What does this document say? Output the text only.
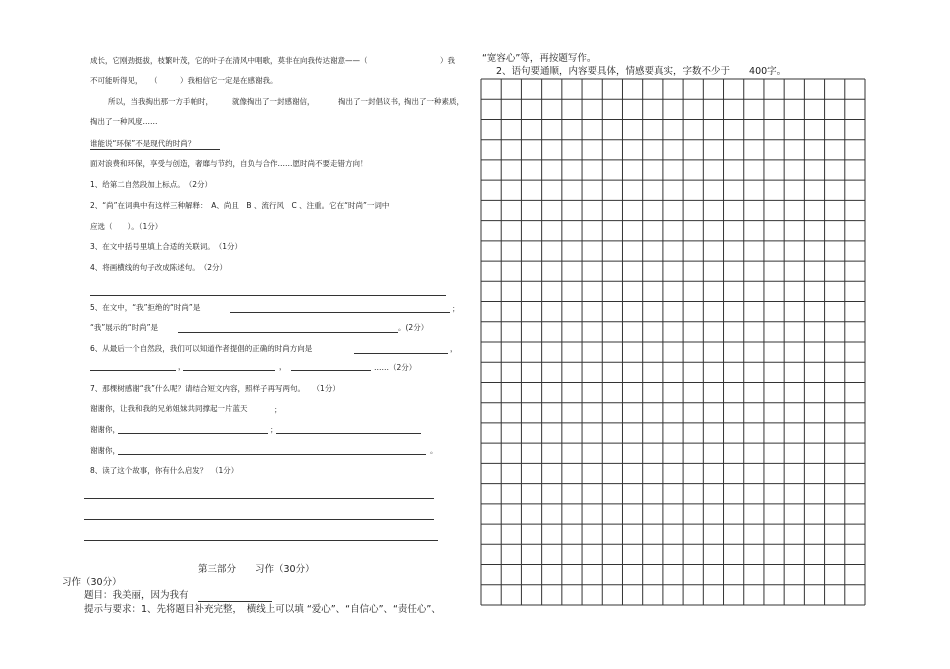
成长，它刚劲挺拔，枝繁叶茂，它的叶子在清风中唱歌，莫非在向我传达谢意——（	）我
不可能听得见， （　　　）我相信它一定是在感谢我。
所以，当我掏出那一方手帕时，	就像掏出了一封感谢信，	掏出了一封倡议书，
掏出了一种素质，
掏出了一种风度……
谁能说“环保”不是现代的时尚？
面对浪费和环保，享受与创造，奢靡与节约，自负与合作……愿时尚不要走错方向！
1、给第二自然段加上标点。　（2分）
2、“尚”在词典中有这样三种解释：　A、尚且　B 、流行风　C 、注重。它在“时尚”一词中
应选（　　）。（1分）
3、在文中括号里填上合适的关联词。　（1分）
4、将画横线的句子改成陈述句。　（2分）
5、在文中，“我”拒绝的“时尚”是	；
“我”展示的“时尚”是	。(2分）
6、从最后一个自然段，我们可以知道作者提倡的正确的时尚方向是	，
，	，	……（2分）
7、那棵树感谢“我”什么呢？请结合短文内容，照样子再写两句。　　（1分）
谢谢你，让我和我的兄弟姐妹共同撑起一片蓝天	；
谢谢你，	；
谢谢你，	。
8、读了这个故事，你有什么启发？　（1分）
第三部分　　习作（30分）
习作（30分）
题目：我美丽，因为我有
提示与要求：1、先将题目补充完整，　横线上可以填 “爱心”、“自信心”、“责任心”、
“宽容心”等，再按题写作。
2、语句要通顺，内容要具体，情感要真实，字数不少于　　400字。
